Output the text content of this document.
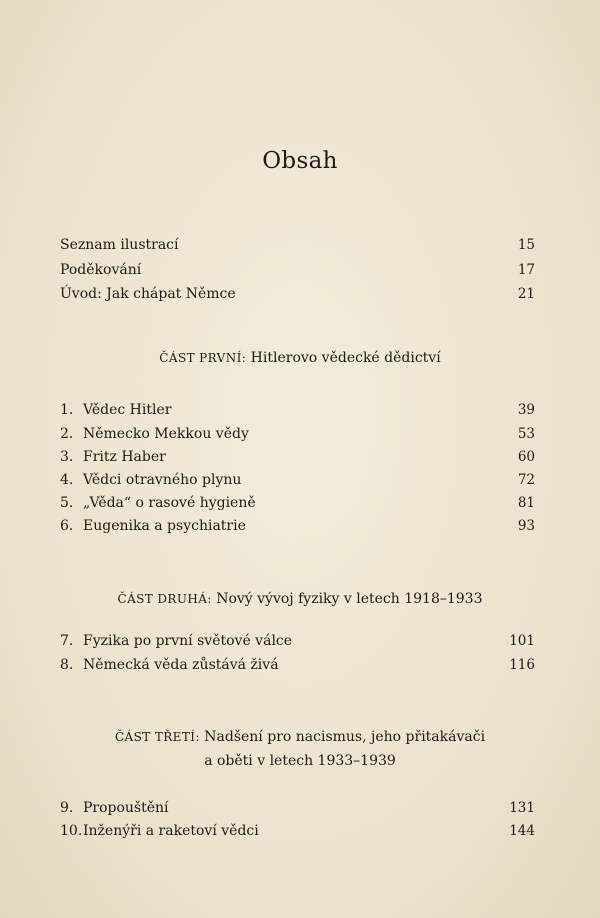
Obsah
Seznam ilustrací	15
Poděkování	17
Úvod: Jak chápat Němce	21
ČÁST PRVNÍ: Hitlerovo vědecké dědictví
1. Vědec Hitler	39
2. Německo Mekkou vědy	53
3. Fritz Haber	60
4. Vědci otravného plynu	72
5. „Věda“ o rasové hygieně	81
6. Eugenika a psychiatrie	93
ČÁST DRUHÁ: Nový vývoj fyziky v letech 1918–1933
7. Fyzika po první světové válce	101
8. Německá věda zůstává živá	116
ČÁST TŘETÍ: Nadšení pro nacismus, jeho přitakávači
a oběti v letech 1933–1939
9. Propouštění	131
10. Inženýři a raketoví vědci	144
